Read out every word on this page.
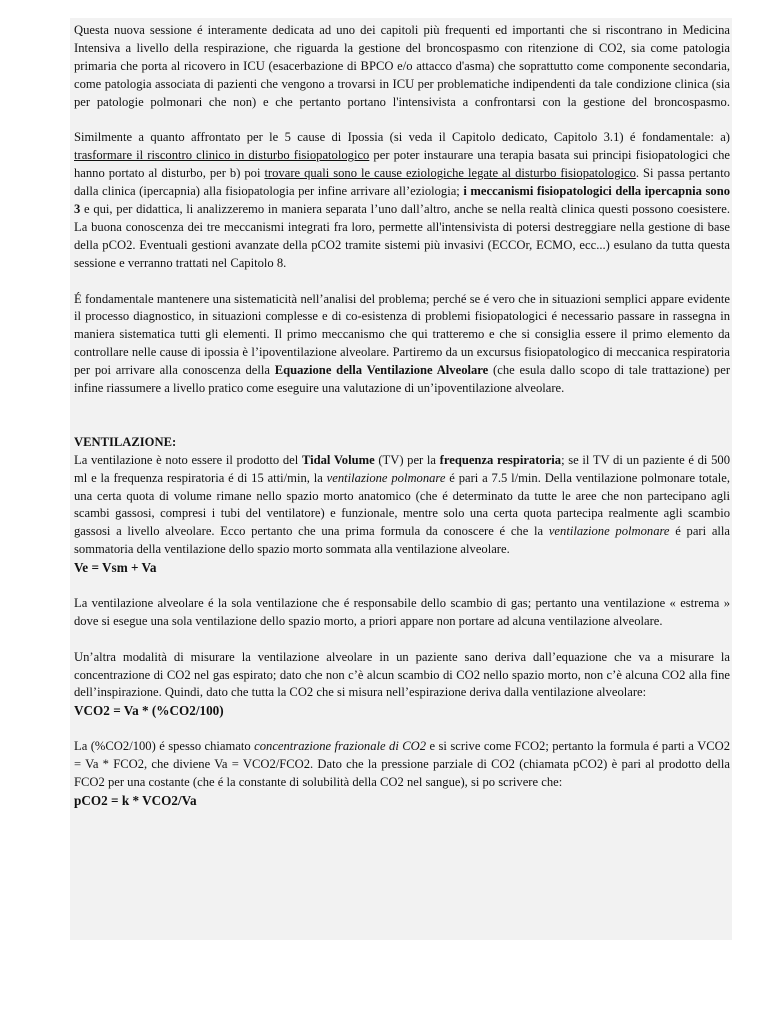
Questa nuova sessione é interamente dedicata ad uno dei capitoli più frequenti ed importanti che si riscontrano in Medicina Intensiva a livello della respirazione, che riguarda la gestione del broncospasmo con ritenzione di CO2, sia come patologia primaria che porta al ricovero in ICU (esacerbazione di BPCO e/o attacco d'asma) che soprattutto come componente secondaria, come patologia associata di pazienti che vengono a trovarsi in ICU per problematiche indipendenti da tale condizione clinica (sia per patologie polmonari che non) e che pertanto portano l'intensivista a confrontarsi con la gestione del broncospasmo.

Similmente a quanto affrontato per le 5 cause di Ipossia (si veda il Capitolo dedicato, Capitolo 3.1) é fondamentale: a) trasformare il riscontro clinico in disturbo fisiopatologico per poter instaurare una terapia basata sui principi fisiopatologici che hanno portato al disturbo, per b) poi trovare quali sono le cause eziologiche legate al disturbo fisiopatologico. Si passa pertanto dalla clinica (ipercapnia) alla fisiopatologia per infine arrivare all’eziologia; i meccanismi fisiopatologici della ipercapnia sono 3 e qui, per didattica, li analizzeremo in maniera separata l’uno dall’altro, anche se nella realtà clinica questi possono coesistere. La buona conoscenza dei tre meccanismi integrati fra loro, permette all'intensivista di potersi destreggiare nella gestione di base della pCO2. Eventuali gestioni avanzate della pCO2 tramite sistemi più invasivi (ECCOr, ECMO, ecc...) esulano da tutta questa sessione e verranno trattati nel Capitolo 8.

É fondamentale mantenere una sistematicità nell’analisi del problema; perché se é vero che in situazioni semplici appare evidente il processo diagnostico, in situazioni complesse e di co-esistenza di problemi fisiopatologici é necessario passare in rassegna in maniera sistematica tutti gli elementi. Il primo meccanismo che qui tratteremo e che si consiglia essere il primo elemento da controllare nelle cause di ipossia è l’ipoventilazione alveolare. Partiremo da un excursus fisiopatologico di meccanica respiratoria per poi arrivare alla conoscenza della Equazione della Ventilazione Alveolare (che esula dallo scopo di tale trattazione) per infine riassumere a livello pratico come eseguire una valutazione di un’ipoventilazione alveolare.

VENTILAZIONE:

La ventilazione è noto essere il prodotto del Tidal Volume (TV) per la frequenza respiratoria; se il TV di un paziente é di 500 ml e la frequenza respiratoria é di 15 atti/min, la ventilazione polmonare é pari a 7.5 l/min. Della ventilazione polmonare totale, una certa quota di volume rimane nello spazio morto anatomico (che é determinato da tutte le aree che non partecipano agli scambi gassosi, compresi i tubi del ventilatore) e funzionale, mentre solo una certa quota partecipa realmente agli scambio gassosi a livello alveolare. Ecco pertanto che una prima formula da conoscere é che la ventilazione polmonare é pari alla sommatoria della ventilazione dello spazio morto sommata alla ventilazione alveolare.

Ve = Vsm + Va

La ventilazione alveolare é la sola ventilazione che é responsabile dello scambio di gas; pertanto una ventilazione « estrema » dove si esegue una sola ventilazione dello spazio morto, a priori appare non portare ad alcuna ventilazione alveolare.

Un’altra modalità di misurare la ventilazione alveolare in un paziente sano deriva dall’equazione che va a misurare la concentrazione di CO2 nel gas espirato; dato che non c’è alcun scambio di CO2 nello spazio morto, non c’è alcuna CO2 alla fine dell’inspirazione. Quindi, dato che tutta la CO2 che si misura nell’espirazione deriva dalla ventilazione alveolare:

VCO2 = Va * (%CO2/100)

La (%CO2/100) é spesso chiamato concentrazione frazionale di CO2 e si scrive come FCO2; pertanto la formula é parti a VCO2 = Va * FCO2, che diviene Va = VCO2/FCO2. Dato che la pressione parziale di CO2 (chiamata pCO2) è pari al prodotto della FCO2 per una costante (che é la constante di solubilità della CO2 nel sangue), si po scrivere che:

pCO2 = k * VCO2/Va
